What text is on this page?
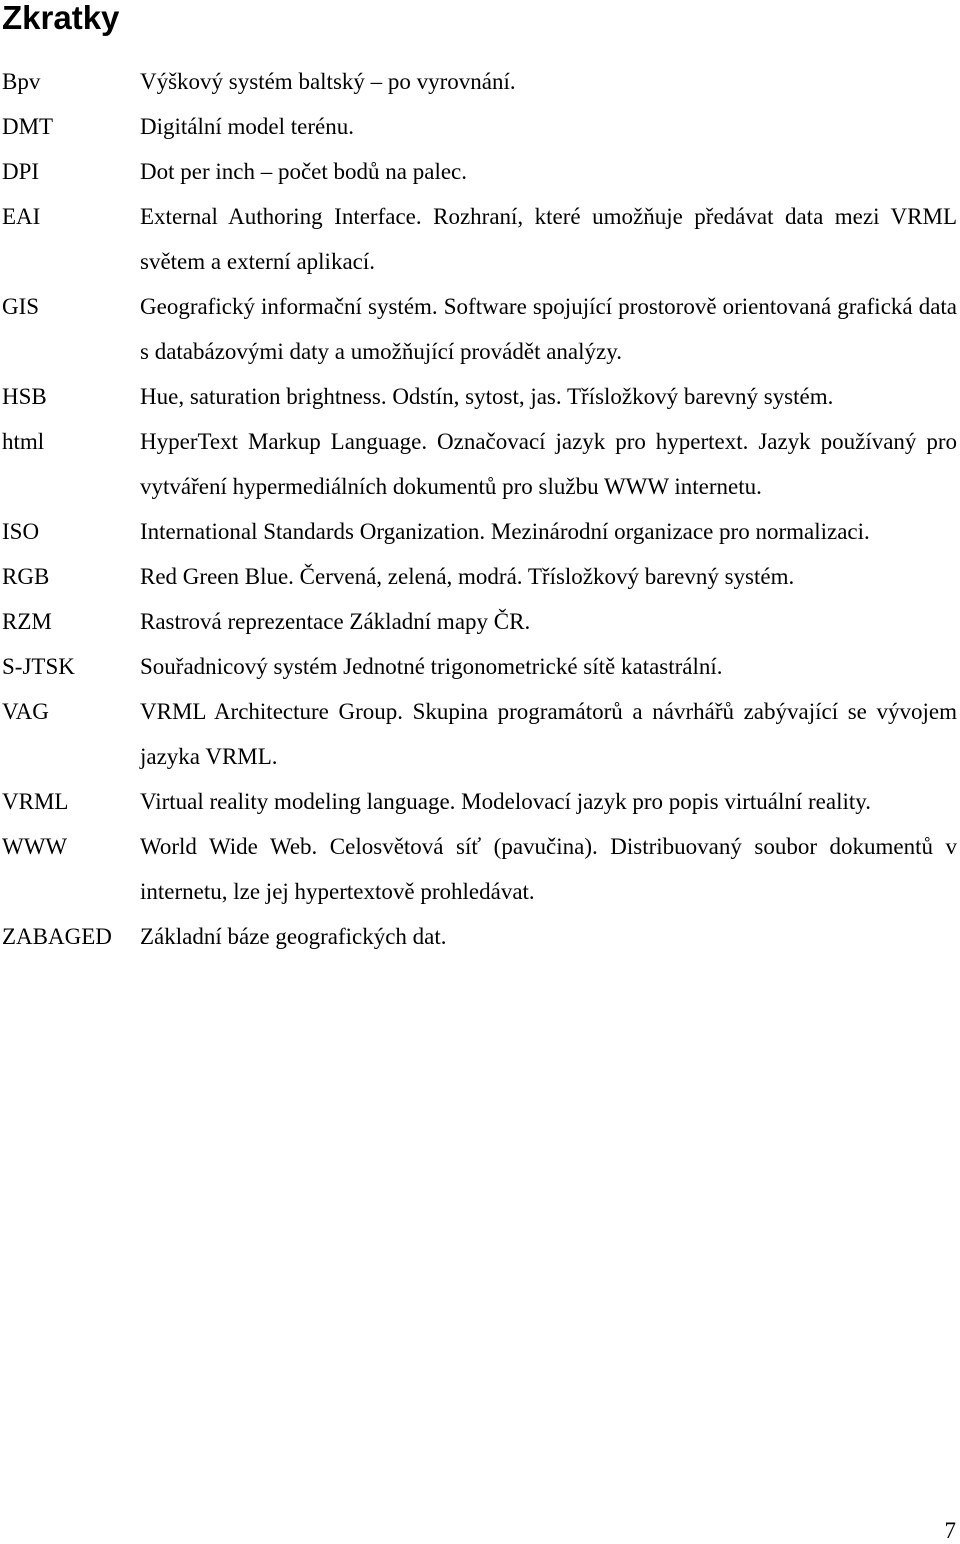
Zkratky
Bpv	Výškový systém baltský – po vyrovnání.
DMT	Digitální model terénu.
DPI	Dot per inch – počet bodů na palec.
EAI	External Authoring Interface. Rozhraní, které umožňuje předávat data mezi VRML světem a externí aplikací.
GIS	Geografický informační systém. Software spojující prostorově orientovaná grafická data s databázovými daty a umožňující provádět analýzy.
HSB	Hue, saturation brightness. Odstín, sytost, jas. Třísložkový barevný systém.
html	HyperText Markup Language. Označovací jazyk pro hypertext. Jazyk používaný pro vytváření hypermediálních dokumentů pro službu WWW internetu.
ISO	International Standards Organization. Mezinárodní organizace pro normalizaci.
RGB	Red Green Blue. Červená, zelená, modrá. Třísložkový barevný systém.
RZM	Rastrová reprezentace Základní mapy ČR.
S-JTSK	Souřadnicový systém Jednotné trigonometrické sítě katastrální.
VAG	VRML Architecture Group. Skupina programátorů a návrhářů zabývající se vývojem jazyka VRML.
VRML	Virtual reality modeling language. Modelovací jazyk pro popis virtuální reality.
WWW	World Wide Web. Celosvětová síť (pavučina). Distribuovaný soubor dokumentů v internetu, lze jej hypertextově prohledávat.
ZABAGED	Základní báze geografických dat.
7
